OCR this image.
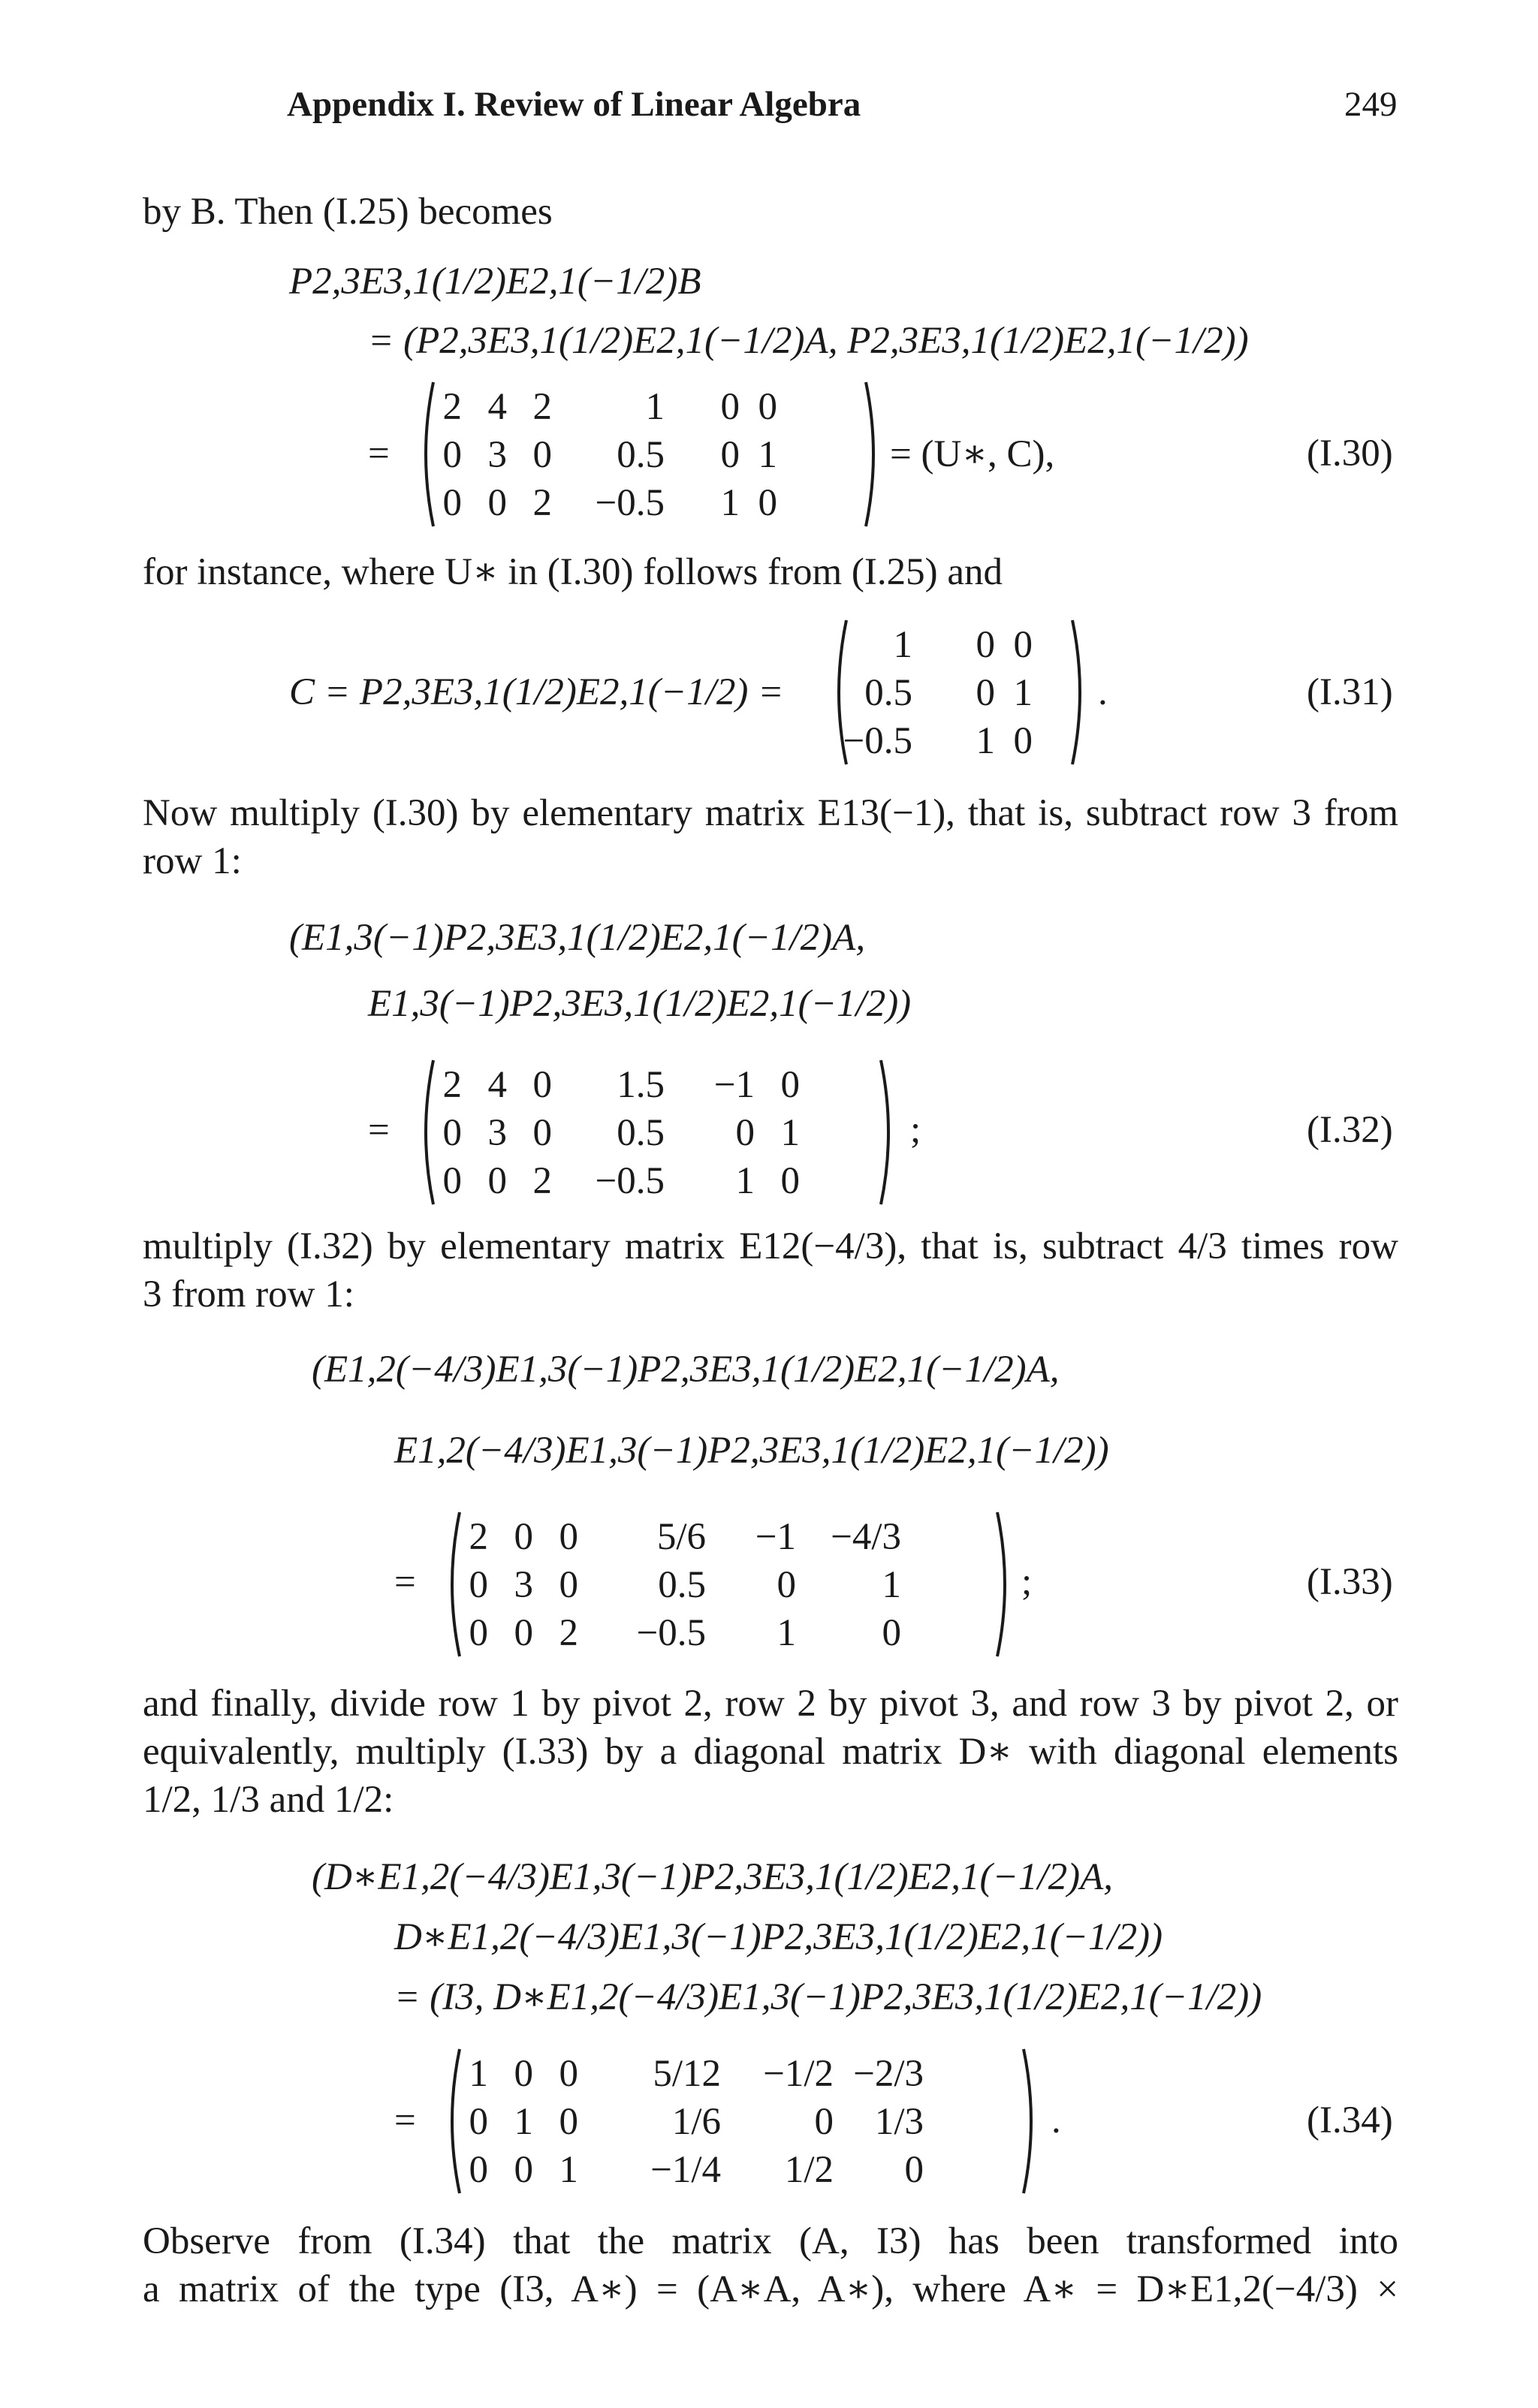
Appendix I. Review of Linear Algebra	249

by B. Then (I.25) becomes

P2,3E3,1(1/2)E2,1(−1/2)B
= (P2,3E3,1(1/2)E2,1(−1/2)A, P2,3E3,1(1/2)E2,1(−1/2))
=
2 4 2 1 0 0
0 3 0 0.5 0 1
0 0 2 −0.5 1 0
= (U∗, C),	(I.30)

for instance, where U∗ in (I.30) follows from (I.25) and

C = P2,3E3,1(1/2)E2,1(−1/2) =
1 0 0
0.5 0 1
−0.5 1 0
.	(I.31)

Now multiply (I.30) by elementary matrix E13(−1), that is, subtract row 3 from

row 1:

(E1,3(−1)P2,3E3,1(1/2)E2,1(−1/2)A,
E1,3(−1)P2,3E3,1(1/2)E2,1(−1/2))
=
2 4 0 1.5 −1 0
0 3 0 0.5 0 1
0 0 2 −0.5 1 0
;	(I.32)

multiply (I.32) by elementary matrix E12(−4/3), that is, subtract 4/3 times row

3 from row 1:

(E1,2(−4/3)E1,3(−1)P2,3E3,1(1/2)E2,1(−1/2)A,
E1,2(−4/3)E1,3(−1)P2,3E3,1(1/2)E2,1(−1/2))
=
2 0 0 5/6 −1 −4/3
0 3 0 0.5 0 1
0 0 2 −0.5 1 0
;	(I.33)

and finally, divide row 1 by pivot 2, row 2 by pivot 3, and row 3 by pivot 2, or

equivalently, multiply (I.33) by a diagonal matrix D∗ with diagonal elements

1/2, 1/3 and 1/2:

(D∗E1,2(−4/3)E1,3(−1)P2,3E3,1(1/2)E2,1(−1/2)A,
D∗E1,2(−4/3)E1,3(−1)P2,3E3,1(1/2)E2,1(−1/2))
= (I3, D∗E1,2(−4/3)E1,3(−1)P2,3E3,1(1/2)E2,1(−1/2))
=
1 0 0 5/12 −1/2 −2/3
0 1 0 1/6 0 1/3
0 0 1 −1/4 1/2 0
.	(I.34)

Observe from (I.34) that the matrix (A, I3) has been transformed into

a matrix of the type (I3, A∗) = (A∗A, A∗), where A∗ = D∗E1,2(−4/3) ×
